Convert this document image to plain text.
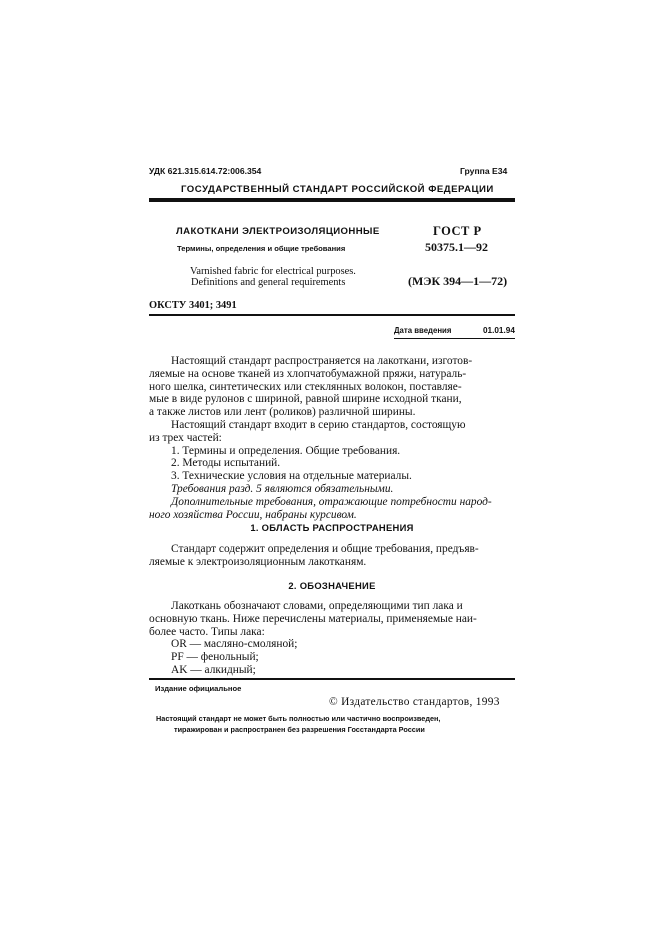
УДК 621.315.614.72:006.354	Группа Е34
ГОСУДАРСТВЕННЫЙ СТАНДАРТ РОССИЙСКОЙ ФЕДЕРАЦИИ
ЛАКОТКАНИ ЭЛЕКТРОИЗОЛЯЦИОННЫЕ
Термины, определения и общие требования
Varnished fabric for electrical purposes.
Definitions and general requirements
ГОСТ Р
50375.1—92
(МЭК 394—1—72)
ОКСТУ 3401; 3491
Дата введения	01.01.94

Настоящий стандарт распространяется на лакоткани, изготов-

ляемые на основе тканей из хлопчатобумажной пряжи, натураль-

ного шелка, синтетических или стеклянных волокон, поставляе-

мые в виде рулонов с шириной, равной ширине исходной ткани,

а также листов или лент (роликов) различной ширины.

Настоящий стандарт входит в серию стандартов, состоящую

из трех частей:

1. Термины и определения. Общие требования.

2. Методы испытаний.

3. Технические условия на отдельные материалы.

Требования разд. 5 являются обязательными.

Дополнительные требования, отражающие потребности народ-

ного хозяйства России, набраны курсивом.

1. ОБЛАСТЬ РАСПРОСТРАНЕНИЯ

Стандарт содержит определения и общие требования, предъяв-

ляемые к электроизоляционным лакотканям.

2. ОБОЗНАЧЕНИЕ

Лакоткань обозначают словами, определяющими тип лака и

основную ткань. Ниже перечислены материалы, применяемые наи-

более часто. Типы лака:

OR — масляно-смоляной;

PF — фенольный;

AK — алкидный;

Издание официальное
© Издательство стандартов, 1993
Настоящий стандарт не может быть полностью или частично воспроизведен,
тиражирован и распространен без разрешения Госстандарта России
